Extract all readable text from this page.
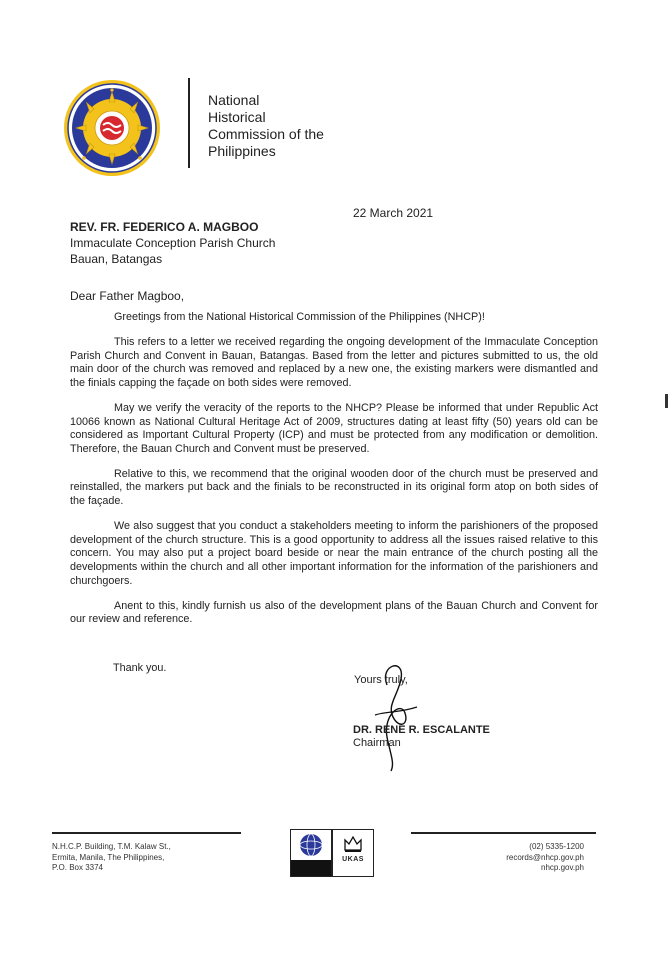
National
Historical
Commission of the
Philippines
22 March 2021
REV. FR. FEDERICO A. MAGBOO
Immaculate Conception Parish Church
Bauan, Batangas
Dear Father Magboo,

Greetings from the National Historical Commission of the Philippines (NHCP)!

This refers to a letter we received regarding the ongoing development of the Immaculate Conception Parish Church and Convent in Bauan, Batangas. Based from the letter and pictures submitted to us, the old main door of the church was removed and replaced by a new one, the existing markers were dismantled and the finials capping the façade on both sides were removed.

May we verify the veracity of the reports to the NHCP? Please be informed that under Republic Act 10066 known as National Cultural Heritage Act of 2009, structures dating at least fifty (50) years old can be considered as Important Cultural Property (ICP) and must be protected from any modification or demolition. Therefore, the Bauan Church and Convent must be preserved.

Relative to this, we recommend that the original wooden door of the church must be preserved and reinstalled, the markers put back and the finials to be reconstructed in its original form atop on both sides of the façade.

We also suggest that you conduct a stakeholders meeting to inform the parishioners of the proposed development of the church structure. This is a good opportunity to address all the issues raised relative to this concern. You may also put a project board beside or near the main entrance of the church posting all the developments within the church and all other important information for the information of the parishioners and churchgoers.

Anent to this, kindly furnish us also of the development plans of the Bauan Church and Convent for our review and reference.

Thank you.
Yours truly,
DR. RENE R. ESCALANTE
Chairman
N.H.C.P. Building, T.M. Kalaw St.,
Ermita, Manila, The Philippines,
P.O. Box 3374
UKAS
(02) 5335-1200
records@nhcp.gov.ph
nhcp.gov.ph
